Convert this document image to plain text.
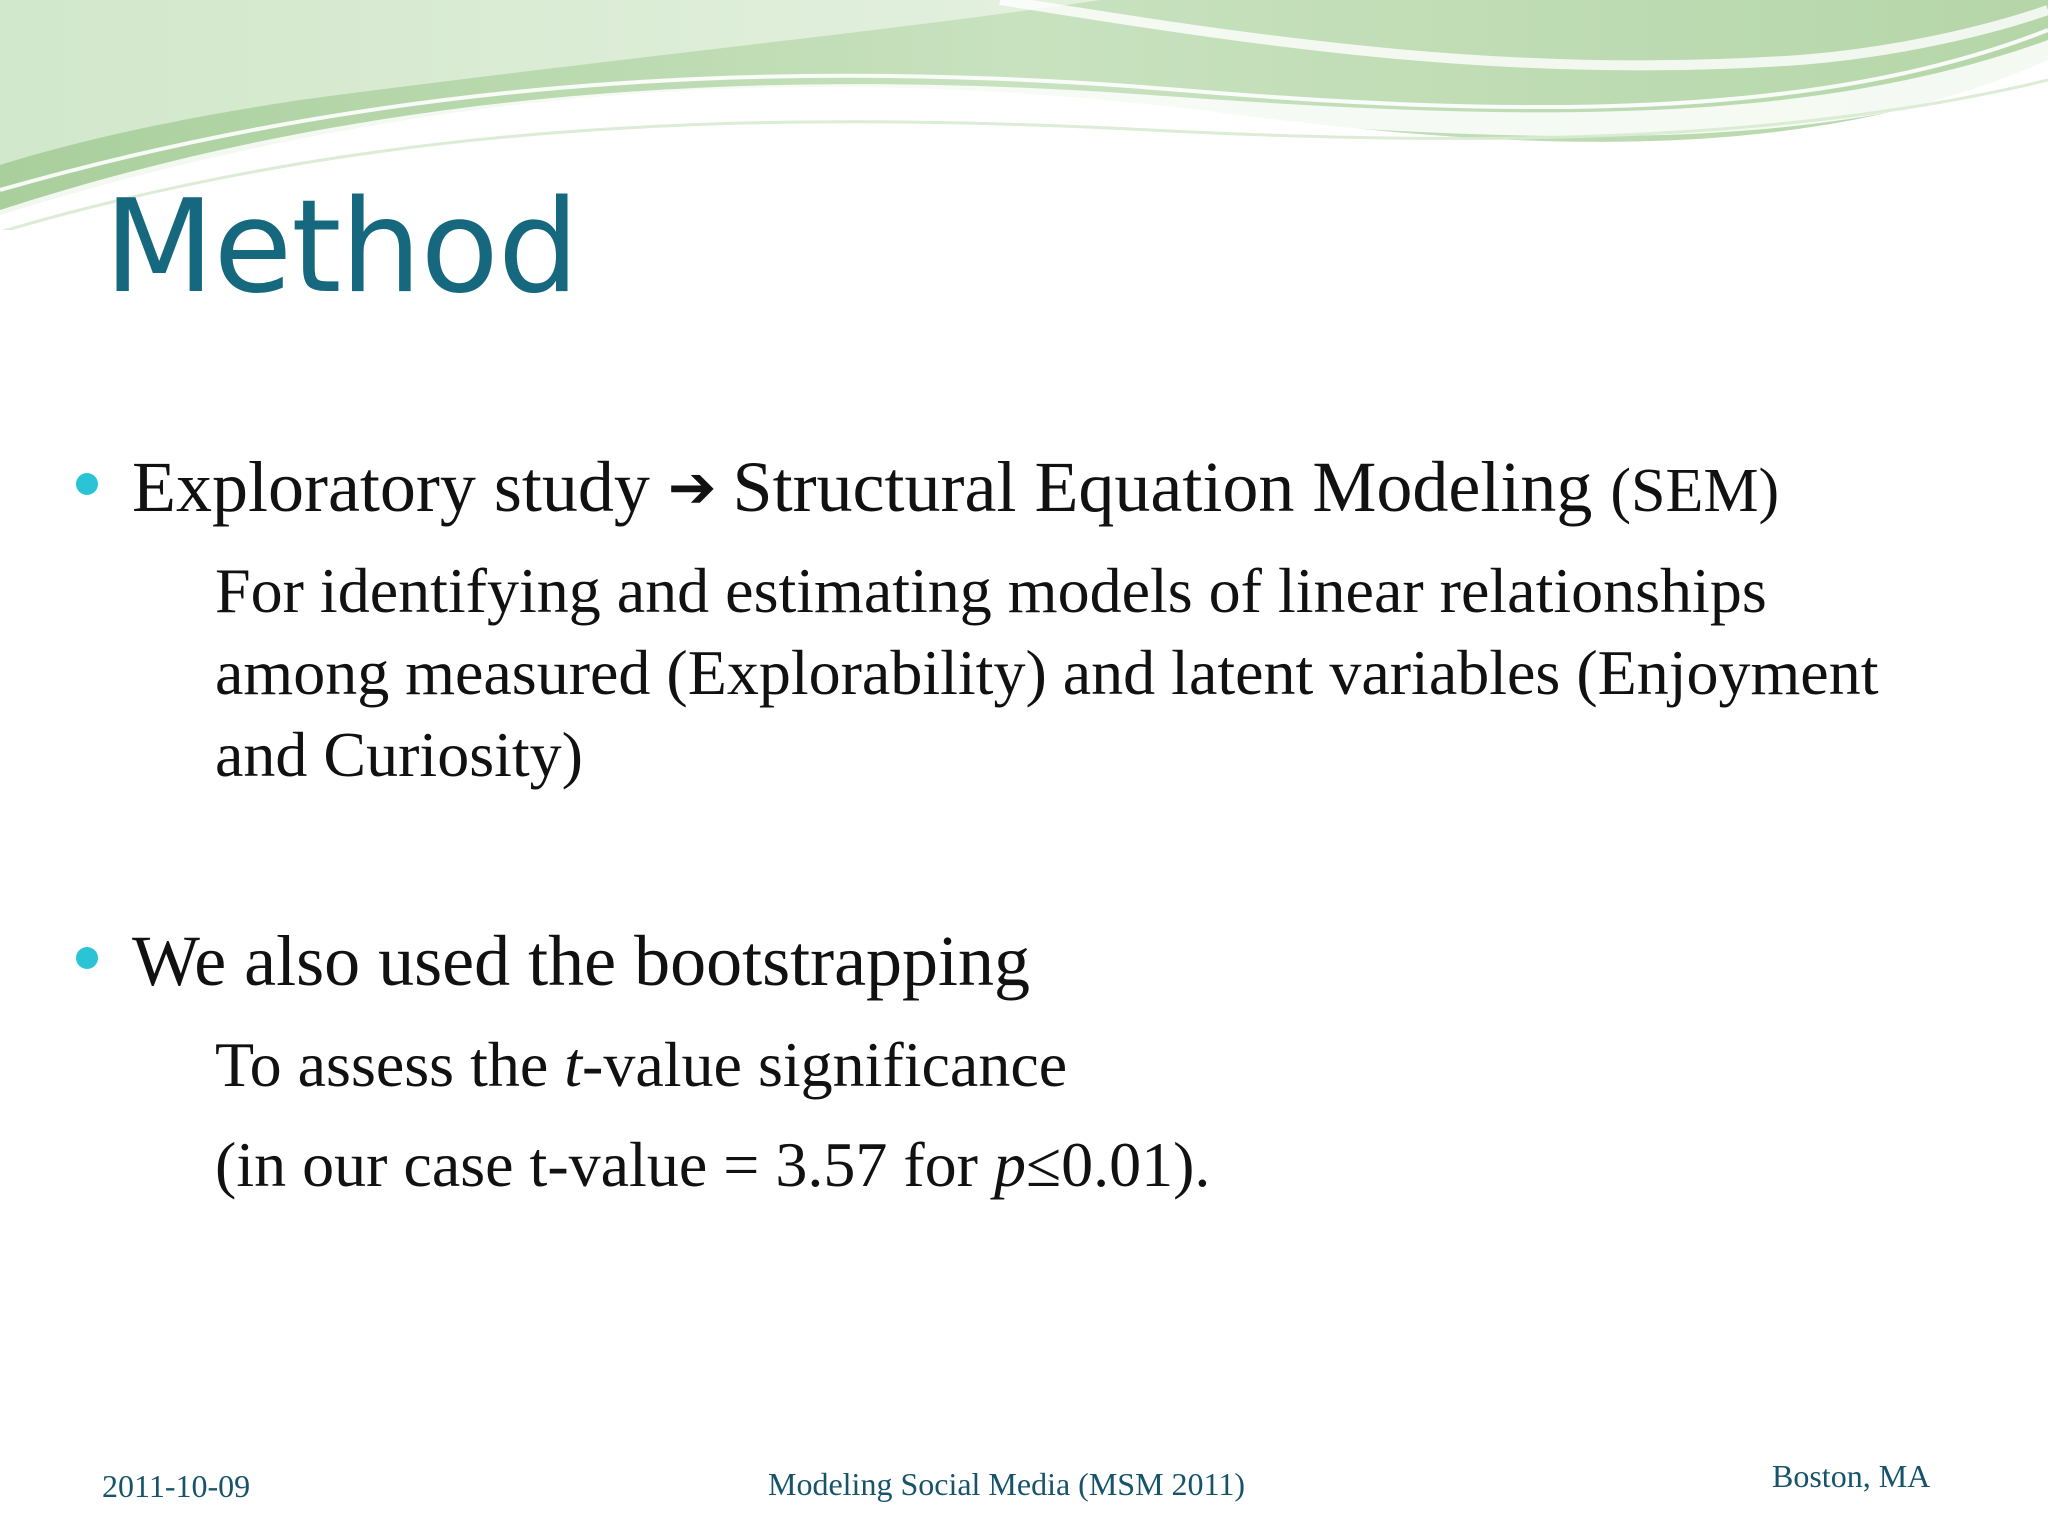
Method
Exploratory study ➔ Structural Equation Modeling (SEM)

For identifying and estimating models of linear relationships among measured (Explorability) and latent variables (Enjoyment and Curiosity)

We also used the bootstrapping

To assess the t-value significance

(in our case t-value = 3.57 for p≤0.01).

2011-10-09	Modeling Social Media (MSM 2011)	Boston, MA
